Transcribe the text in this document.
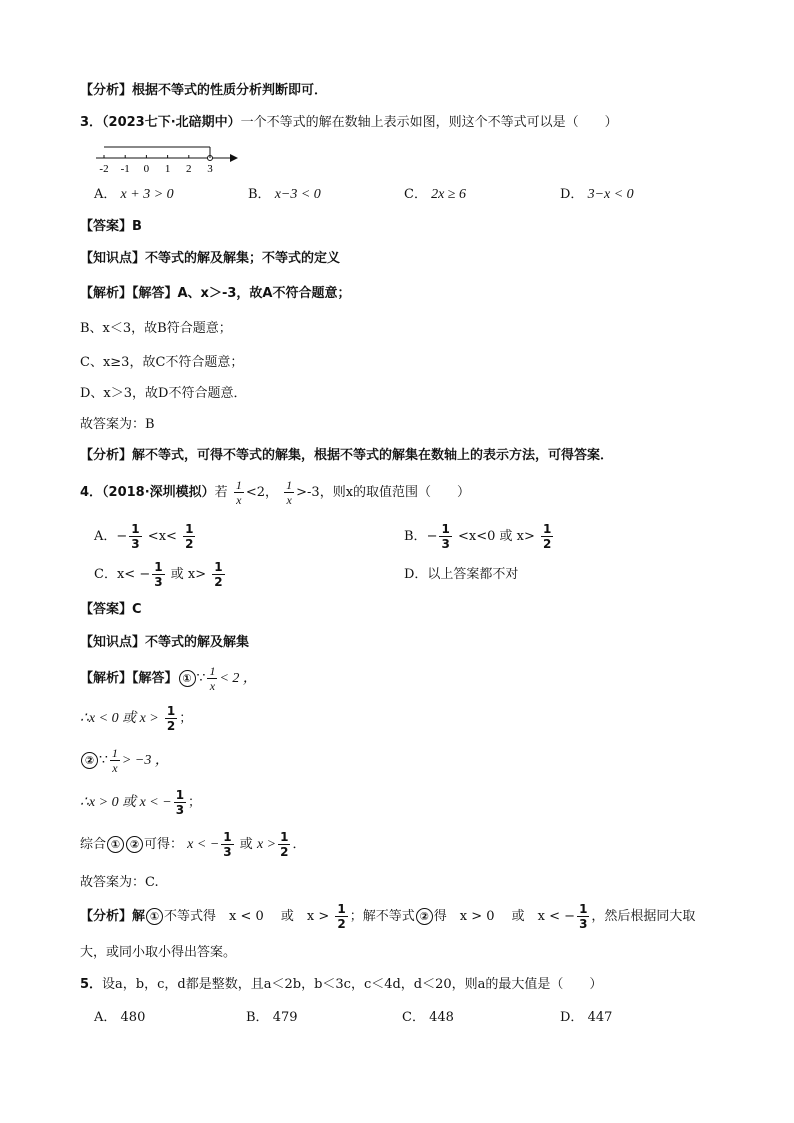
【分析】根据不等式的性质分析判断即可．
3．（2023七下·北碚期中）一个不等式的解在数轴上表示如图，则这个不等式可以是（　　）
-2 -1 0 1 2 3
A． x + 3 > 0	B． x−3 < 0	C． 2x ≥ 6	D． 3−x < 0
【答案】B
【知识点】不等式的解及解集；不等式的定义
【解析】【解答】A、x＞-3，故A不符合题意；
B、x＜3，故B符合题意；
C、x≥3，故C不符合题意；
D、x＞3，故D不符合题意．
故答案为：B
【分析】解不等式，可得不等式的解集，根据不等式的解集在数轴上的表示方法，可得答案．
4．（2018·深圳模拟）若 $\frac{1}{x} <2$， $\frac{1}{x} >-3$，则x的取值范围（　　）
A．− $\frac{1}{3} <x< \frac{1}{2}$	B．− $\frac{1}{3} <x<0$ 或 $x> \frac{1}{2}$
C．$x< - \frac{1}{3}$ 或 $x> \frac{1}{2}$	D．以上答案都不对
【答案】C
【知识点】不等式的解及解集
【解析】【解答】 ① ∵ $\frac{1}{x} < 2$ ，
∴x < 0 或 $x > \frac{1}{2}$ ；
② ∵ $\frac{1}{x} > -3$ ，
∴x > 0 或 x < − $\frac{1}{3}$ ；
综合 ① ② 可得： x < − $\frac{1}{3}$ 或 $x > \frac{1}{2}$ ．
故答案为：C.
【分析】解 ① 不等式得　x < 0　 或　$x > \frac{1}{2}$ ；解不等式 ② 得　x > 0　 或　x < − $\frac{1}{3}$ ，然后根据同大取
大，或同小取小得出答案。
5．设a，b，c，d都是整数，且a＜2b，b＜3c，c＜4d，d＜20，则a的最大值是（　　）
A． 480	B． 479	C． 448	D． 447
